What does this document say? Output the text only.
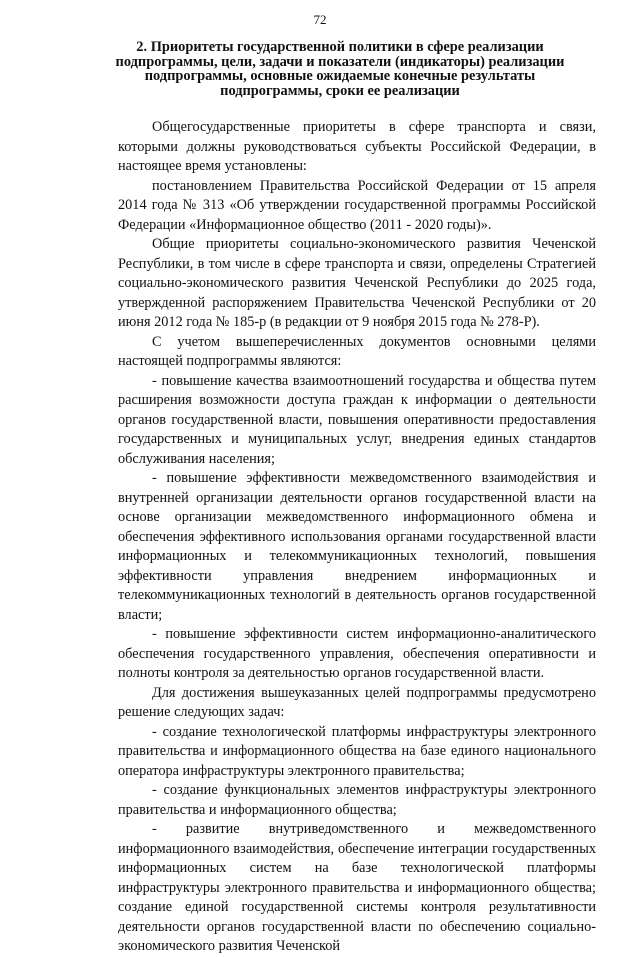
72
2. Приоритеты государственной политики в сфере реализации подпрограммы, цели, задачи и показатели (индикаторы) реализации подпрограммы, основные ожидаемые конечные результаты подпрограммы, сроки ее реализации

Общегосударственные приоритеты в сфере транспорта и связи, которыми должны руководствоваться субъекты Российской Федерации, в настоящее время установлены:

постановлением Правительства Российской Федерации от 15 апреля 2014 года № 313 «Об утверждении государственной программы Российской Федерации «Информационное общество (2011 - 2020 годы)».

Общие приоритеты социально-экономического развития Чеченской Республики, в том числе в сфере транспорта и связи, определены Стратегией социально-экономического развития Чеченской Республики до 2025 года, утвержденной распоряжением Правительства Чеченской Республики от 20 июня 2012 года № 185-р (в редакции от 9 ноября 2015 года № 278-Р).

С учетом вышеперечисленных документов основными целями настоящей подпрограммы являются:

- повышение качества взаимоотношений государства и общества путем расширения возможности доступа граждан к информации о деятельности органов государственной власти, повышения оперативности предоставления государственных и муниципальных услуг, внедрения единых стандартов обслуживания населения;

- повышение эффективности межведомственного взаимодействия и внутренней организации деятельности органов государственной власти на основе организации межведомственного информационного обмена и обеспечения эффективного использования органами государственной власти информационных и телекоммуникационных технологий, повышения эффективности управления внедрением информационных и телекоммуникационных технологий в деятельность органов государственной власти;

- повышение эффективности систем информационно-аналитического обеспечения государственного управления, обеспечения оперативности и полноты контроля за деятельностью органов государственной власти.

Для достижения вышеуказанных целей подпрограммы предусмотрено решение следующих задач:

- создание технологической платформы инфраструктуры электронного правительства и информационного общества на базе единого национального оператора инфраструктуры электронного правительства;

- создание функциональных элементов инфраструктуры электронного правительства и информационного общества;

- развитие внутриведомственного и межведомственного информационного взаимодействия, обеспечение интеграции государственных информационных систем на базе технологической платформы инфраструктуры электронного правительства и информационного общества; создание единой государственной системы контроля результативности деятельности органов государственной власти по обеспечению социально-экономического развития Чеченской
